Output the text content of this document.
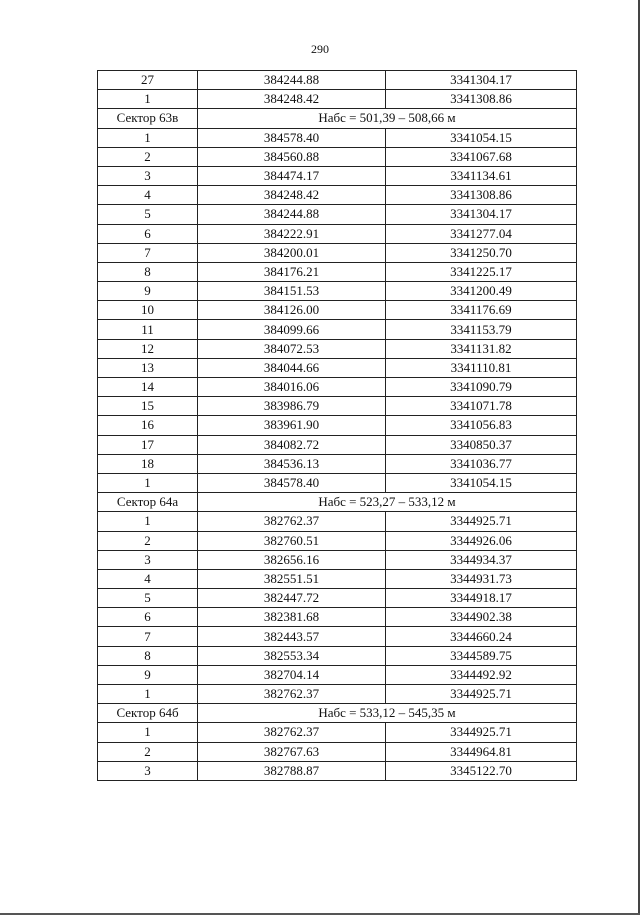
290
27	384244.88	3341304.17
1	384248.42	3341308.86
Сектор 63в	Набс = 501,39 – 508,66 м	
1	384578.40	3341054.15
2	384560.88	3341067.68
3	384474.17	3341134.61
4	384248.42	3341308.86
5	384244.88	3341304.17
6	384222.91	3341277.04
7	384200.01	3341250.70
8	384176.21	3341225.17
9	384151.53	3341200.49
10	384126.00	3341176.69
11	384099.66	3341153.79
12	384072.53	3341131.82
13	384044.66	3341110.81
14	384016.06	3341090.79
15	383986.79	3341071.78
16	383961.90	3341056.83
17	384082.72	3340850.37
18	384536.13	3341036.77
1	384578.40	3341054.15
Сектор 64а	Набс = 523,27 – 533,12 м	
1	382762.37	3344925.71
2	382760.51	3344926.06
3	382656.16	3344934.37
4	382551.51	3344931.73
5	382447.72	3344918.17
6	382381.68	3344902.38
7	382443.57	3344660.24
8	382553.34	3344589.75
9	382704.14	3344492.92
1	382762.37	3344925.71
Сектор 64б	Набс = 533,12 – 545,35 м	
1	382762.37	3344925.71
2	382767.63	3344964.81
3	382788.87	3345122.70
